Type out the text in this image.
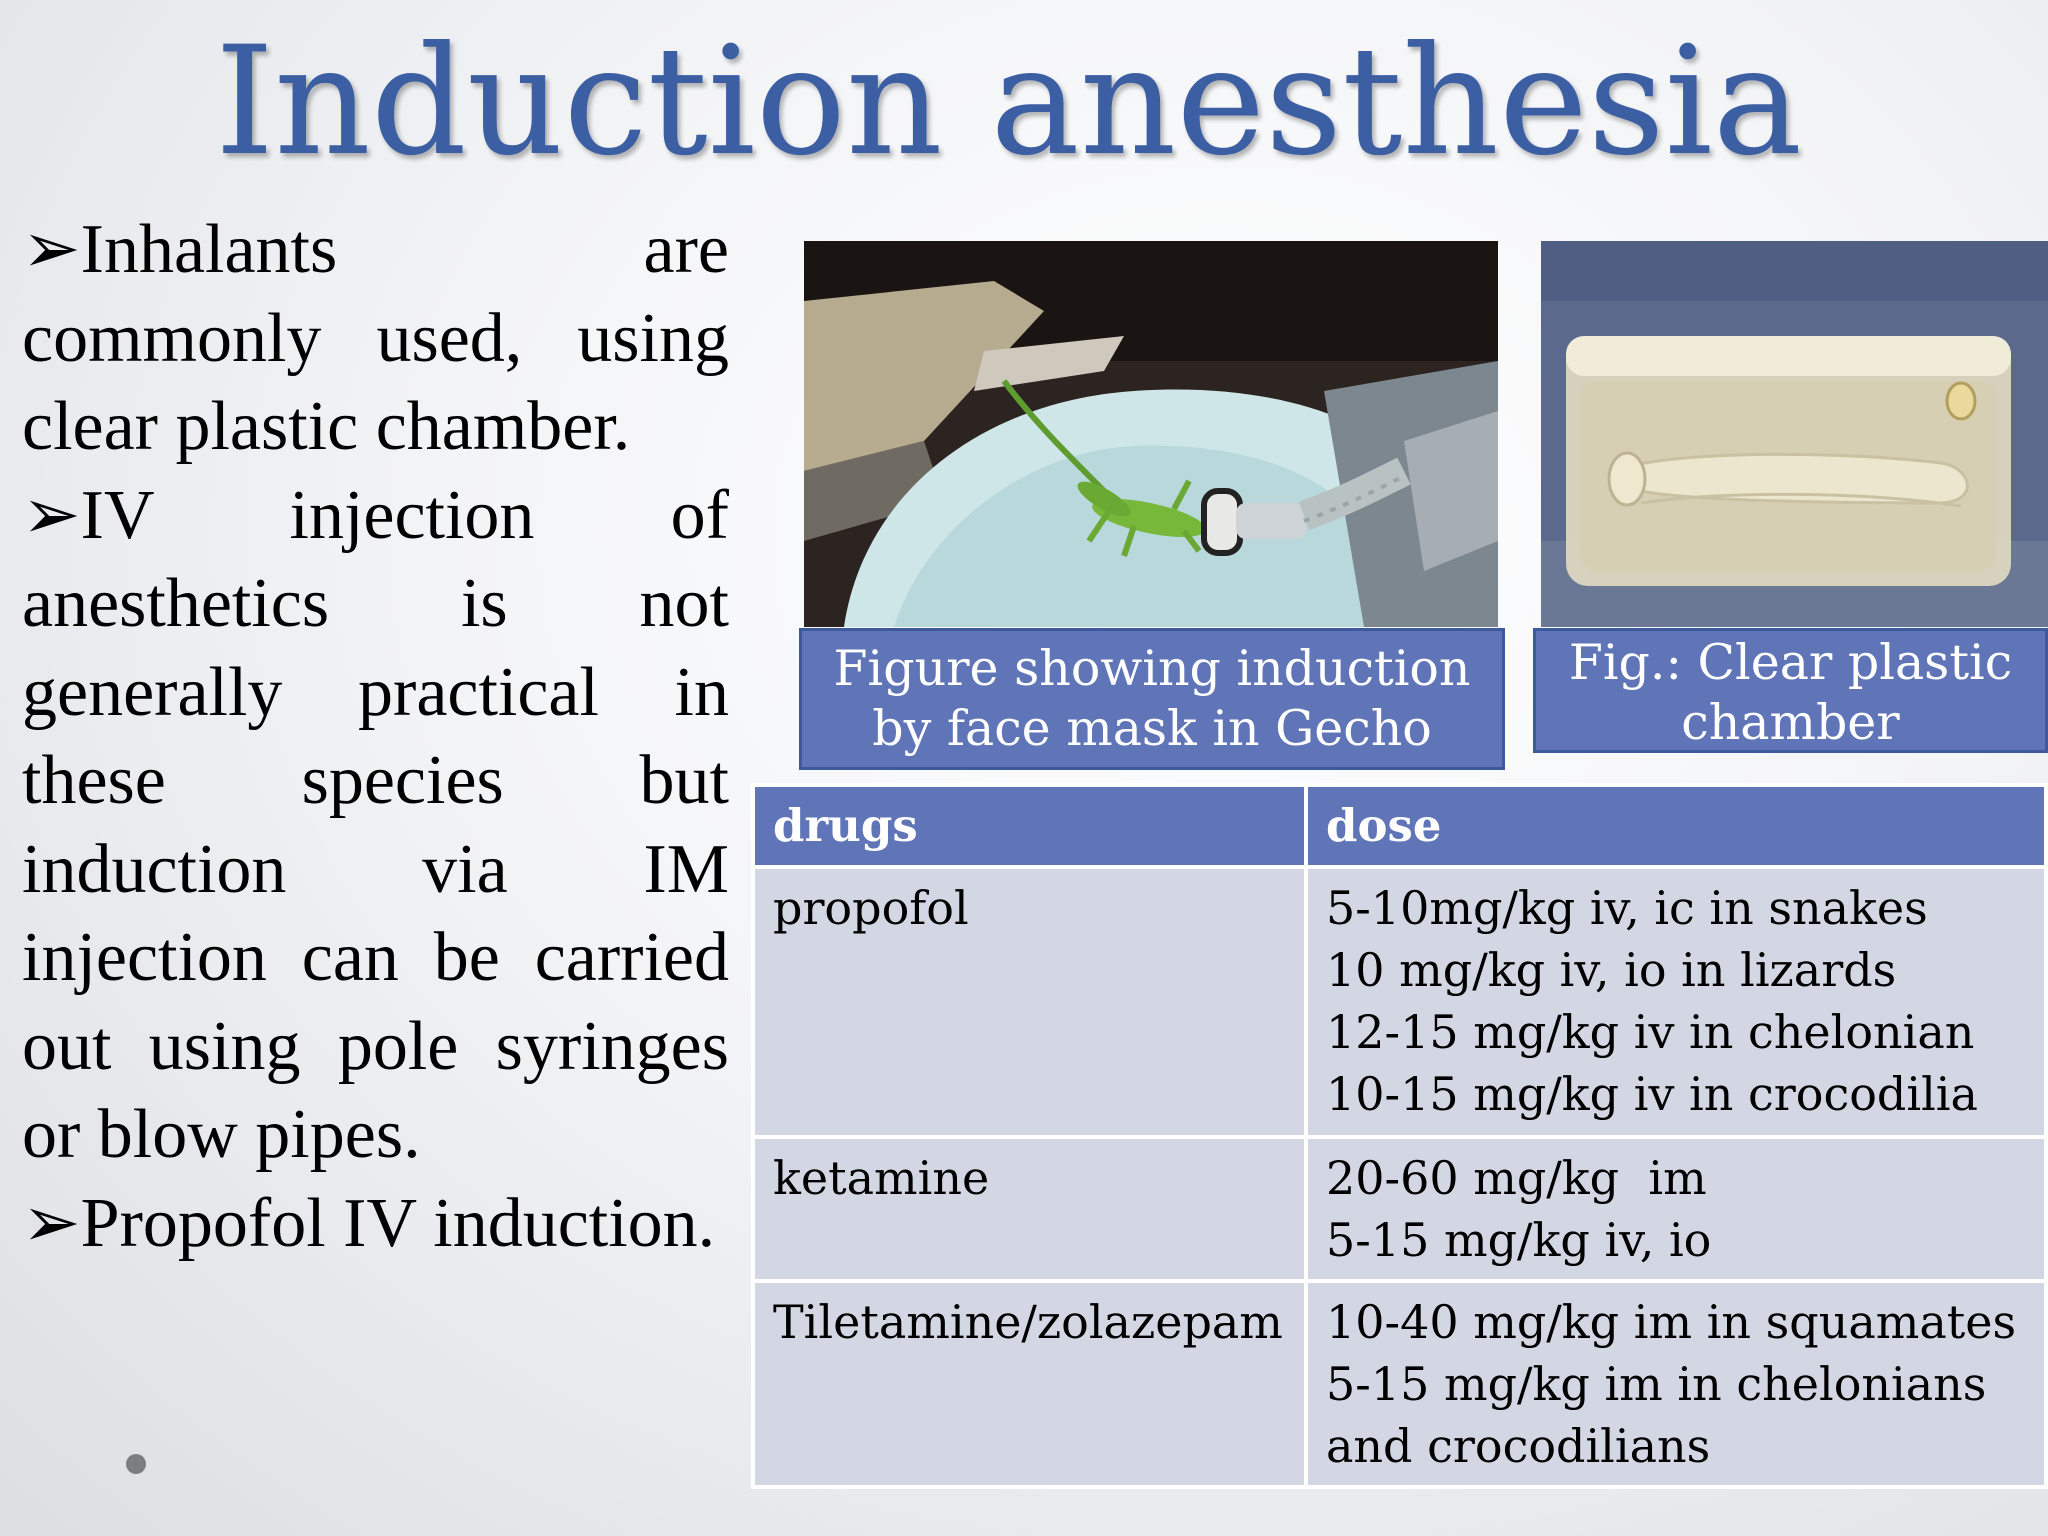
Induction anesthesia

➢Inhalants are commonly used, using clear plastic chamber.

➢IV injection of anesthetics is not generally practical in these species but induction via IM injection can be carried out using pole syringes or blow pipes.

➢Propofol IV induction.

Figure showing induction by face mask in Gecho
Fig.: Clear plastic chamber
drugs	dose
propofol	5-10mg/kg iv, ic in snakes
10 mg/kg iv, io in lizards
12-15 mg/kg iv in chelonian
10-15 mg/kg iv in crocodilia

ketamine	20-60 mg/kg  im
5-15 mg/kg iv, io

Tiletamine/zolazepam	10-40 mg/kg im in squamates
5-15 mg/kg im in chelonians
and crocodilians
